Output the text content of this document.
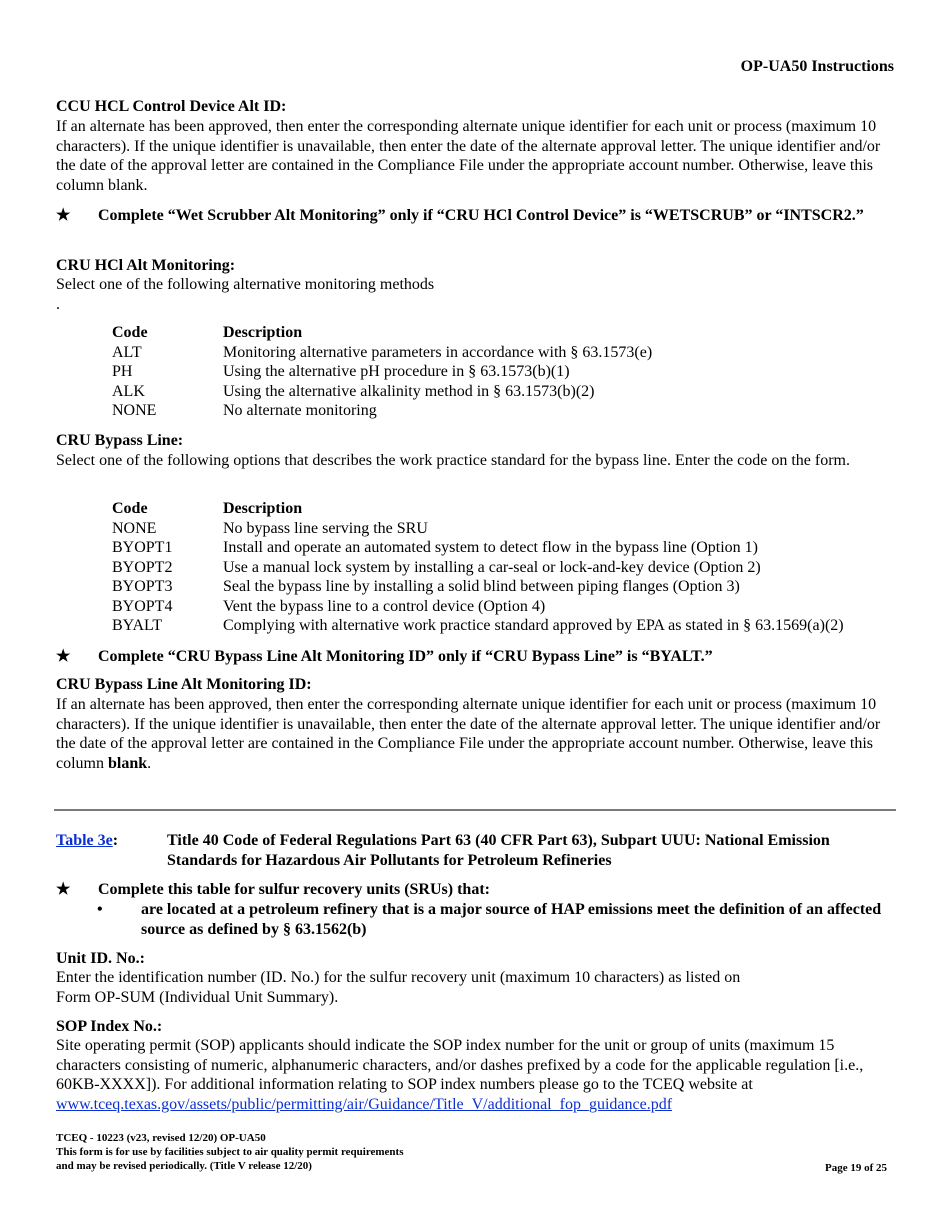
OP-UA50 Instructions
CCU HCL Control Device Alt ID:
If an alternate has been approved, then enter the corresponding alternate unique identifier for each unit or process (maximum 10 characters). If the unique identifier is unavailable, then enter the date of the alternate approval letter. The unique identifier and/or the date of the approval letter are contained in the Compliance File under the appropriate account number. Otherwise, leave this column blank.
★	Complete “Wet Scrubber Alt Monitoring” only if “CRU HCl Control Device” is “WETSCRUB” or “INTSCR2.”
CRU HCl Alt Monitoring:
Select one of the following alternative monitoring methods
.
Code	Description
ALT	Monitoring alternative parameters in accordance with § 63.1573(e)
PH	Using the alternative pH procedure in § 63.1573(b)(1)
ALK	Using the alternative alkalinity method in § 63.1573(b)(2)
NONE	No alternate monitoring
CRU Bypass Line:
Select one of the following options that describes the work practice standard for the bypass line. Enter the code on the form.
Code	Description
NONE	No bypass line serving the SRU
BYOPT1	Install and operate an automated system to detect flow in the bypass line (Option 1)
BYOPT2	Use a manual lock system by installing a car-seal or lock-and-key device (Option 2)
BYOPT3	Seal the bypass line by installing a solid blind between piping flanges (Option 3)
BYOPT4	Vent the bypass line to a control device (Option 4)
BYALT	Complying with alternative work practice standard approved by EPA as stated in § 63.1569(a)(2)
★	Complete “CRU Bypass Line Alt Monitoring ID” only if “CRU Bypass Line” is “BYALT.”
CRU Bypass Line Alt Monitoring ID:
If an alternate has been approved, then enter the corresponding alternate unique identifier for each unit or process (maximum 10 characters). If the unique identifier is unavailable, then enter the date of the alternate approval letter. The unique identifier and/or the date of the approval letter are contained in the Compliance File under the appropriate account number. Otherwise, leave this column blank.
Table 3e:	Title 40 Code of Federal Regulations Part 63 (40 CFR Part 63), Subpart UUU: National Emission Standards for Hazardous Air Pollutants for Petroleum Refineries
★	Complete this table for sulfur recovery units (SRUs) that:
• are located at a petroleum refinery that is a major source of HAP emissions meet the definition of an affected source as defined by § 63.1562(b)
Unit ID. No.:
Enter the identification number (ID. No.) for the sulfur recovery unit (maximum 10 characters) as listed on
Form OP-SUM (Individual Unit Summary).
SOP Index No.:
Site operating permit (SOP) applicants should indicate the SOP index number for the unit or group of units (maximum 15 characters consisting of numeric, alphanumeric characters, and/or dashes prefixed by a code for the applicable regulation [i.e., 60KB-XXXX]). For additional information relating to SOP index numbers please go to the TCEQ website at www.tceq.texas.gov/assets/public/permitting/air/Guidance/Title_V/additional_fop_guidance.pdf
TCEQ - 10223 (v23, revised 12/20) OP-UA50
This form is for use by facilities subject to air quality permit requirements
and may be revised periodically. (Title V release 12/20)	Page 19 of 25
